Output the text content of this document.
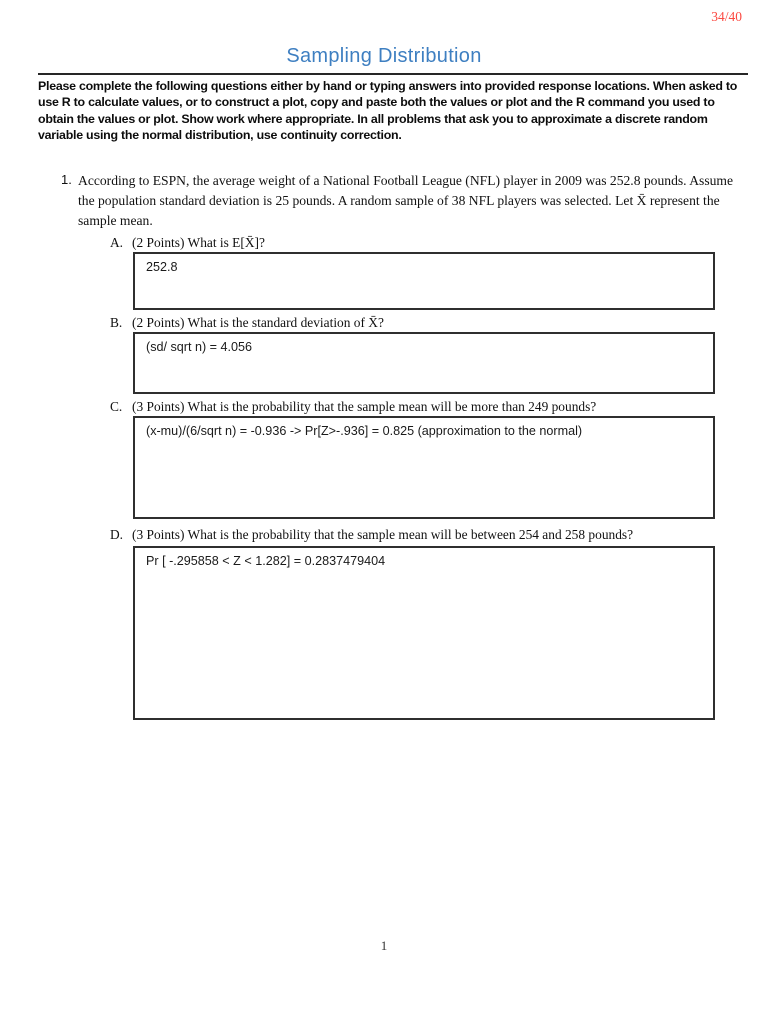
34/40
Sampling Distribution
Please complete the following questions either by hand or typing answers into provided response locations. When asked to use R to calculate values, or to construct a plot, copy and paste both the values or plot and the R command you used to obtain the values or plot. Show work where appropriate. In all problems that ask you to approximate a discrete random variable using the normal distribution, use continuity correction.
1. According to ESPN, the average weight of a National Football League (NFL) player in 2009 was 252.8 pounds. Assume the population standard deviation is 25 pounds. A random sample of 38 NFL players was selected. Let X̄ represent the sample mean.
A. (2 Points) What is E[X̄]?
252.8
B. (2 Points) What is the standard deviation of X̄?
(sd/ sqrt n) = 4.056
C. (3 Points) What is the probability that the sample mean will be more than 249 pounds?
(x-mu)/(6/sqrt n) = -0.936 -> Pr[Z>-.936] = 0.825 (approximation to the normal)
D. (3 Points) What is the probability that the sample mean will be between 254 and 258 pounds?
Pr [ -.295858 < Z < 1.282] = 0.2837479404
1
